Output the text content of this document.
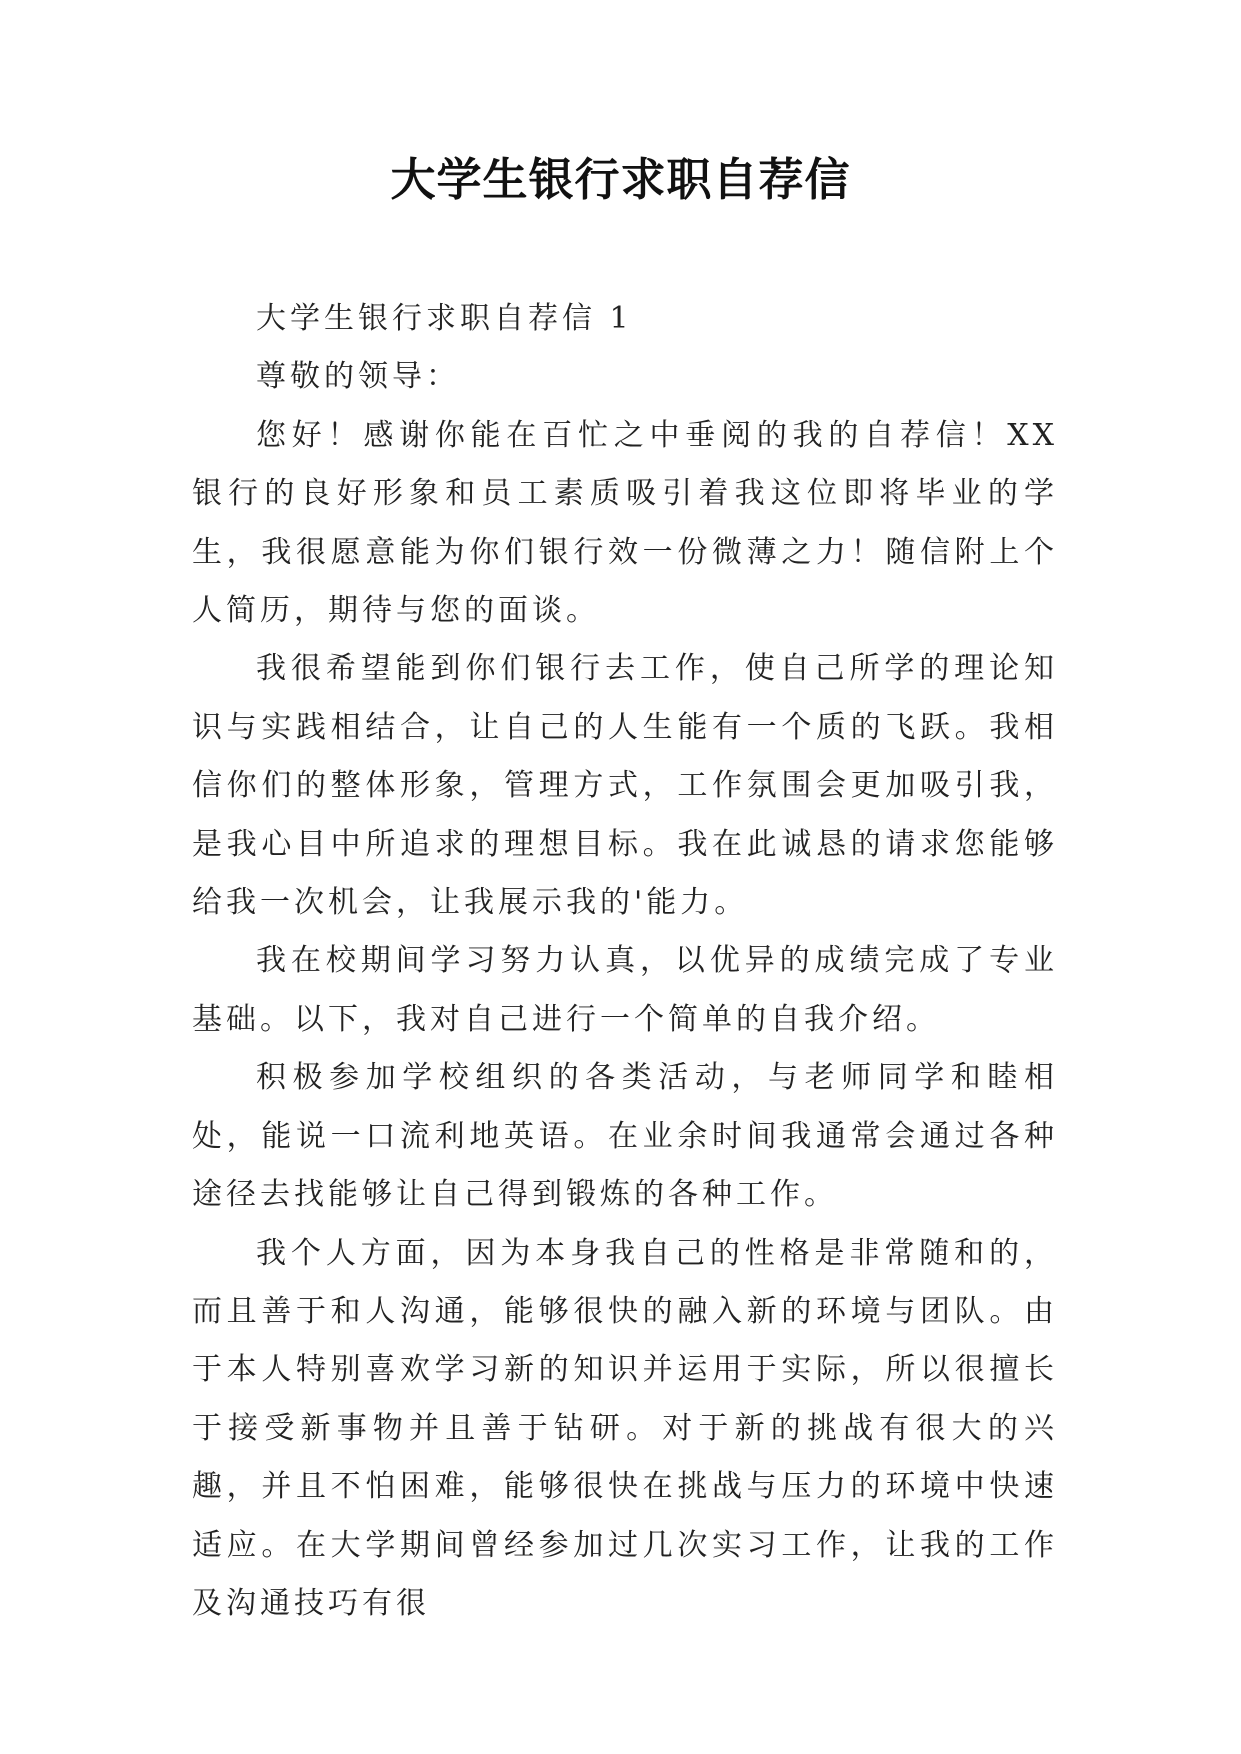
大学生银行求职自荐信

大学生银行求职自荐信 1

尊敬的领导：

您好！感谢你能在百忙之中垂阅的我的自荐信！XX 银行的良好形象和员工素质吸引着我这位即将毕业的学生，我很愿意能为你们银行效一份微薄之力！随信附上个人简历，期待与您的面谈。

我很希望能到你们银行去工作，使自己所学的理论知识与实践相结合，让自己的人生能有一个质的飞跃。我相信你们的整体形象，管理方式，工作氛围会更加吸引我，是我心目中所追求的理想目标。我在此诚恳的请求您能够给我一次机会，让我展示我的'能力。

我在校期间学习努力认真，以优异的成绩完成了专业基础。以下，我对自己进行一个简单的自我介绍。

积极参加学校组织的各类活动，与老师同学和睦相处，能说一口流利地英语。在业余时间我通常会通过各种途径去找能够让自己得到锻炼的各种工作。

我个人方面，因为本身我自己的性格是非常随和的，而且善于和人沟通，能够很快的融入新的环境与团队。由于本人特别喜欢学习新的知识并运用于实际，所以很擅长于接受新事物并且善于钻研。对于新的挑战有很大的兴趣，并且不怕困难，能够很快在挑战与压力的环境中快速适应。在大学期间曾经参加过几次实习工作，让我的工作及沟通技巧有很
